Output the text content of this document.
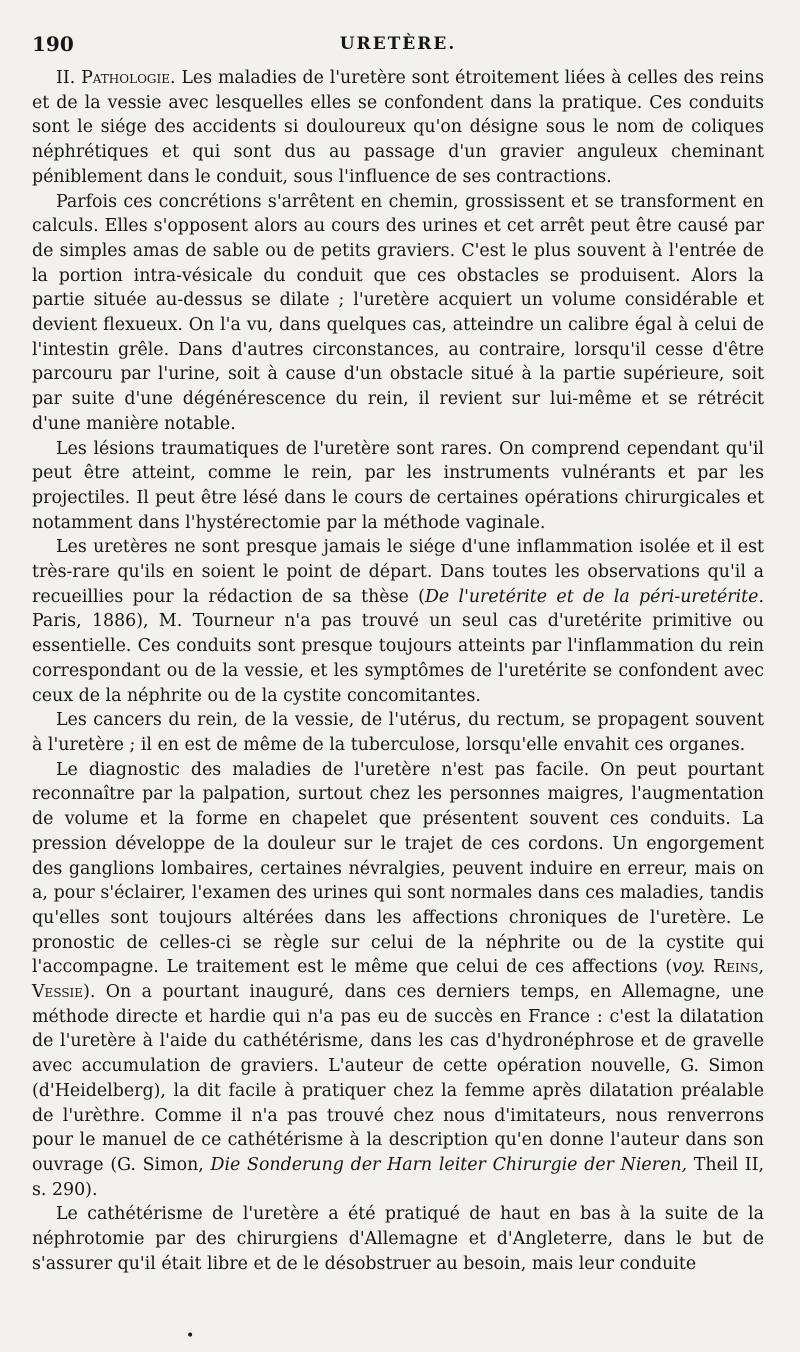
190	URETÈRE.

II. Pathologie. Les maladies de l'uretère sont étroitement liées à celles des reins et de la vessie avec lesquelles elles se confondent dans la pratique. Ces conduits sont le siége des accidents si douloureux qu'on désigne sous le nom de coliques néphrétiques et qui sont dus au passage d'un gravier anguleux cheminant péniblement dans le conduit, sous l'influence de ses contractions.

Parfois ces concrétions s'arrêtent en chemin, grossissent et se transforment en calculs. Elles s'opposent alors au cours des urines et cet arrêt peut être causé par de simples amas de sable ou de petits graviers. C'est le plus souvent à l'entrée de la portion intra-vésicale du conduit que ces obstacles se produisent. Alors la partie située au-dessus se dilate ; l'uretère acquiert un volume considérable et devient flexueux. On l'a vu, dans quelques cas, atteindre un calibre égal à celui de l'intestin grêle. Dans d'autres circonstances, au contraire, lorsqu'il cesse d'être parcouru par l'urine, soit à cause d'un obstacle situé à la partie supérieure, soit par suite d'une dégénérescence du rein, il revient sur lui-même et se rétrécit d'une manière notable.

Les lésions traumatiques de l'uretère sont rares. On comprend cependant qu'il peut être atteint, comme le rein, par les instruments vulnérants et par les projectiles. Il peut être lésé dans le cours de certaines opérations chirurgicales et notamment dans l'hystérectomie par la méthode vaginale.

Les uretères ne sont presque jamais le siége d'une inflammation isolée et il est très-rare qu'ils en soient le point de départ. Dans toutes les observations qu'il a recueillies pour la rédaction de sa thèse (De l'uretérite et de la péri-uretérite. Paris, 1886), M. Tourneur n'a pas trouvé un seul cas d'uretérite primitive ou essentielle. Ces conduits sont presque toujours atteints par l'inflammation du rein correspondant ou de la vessie, et les symptômes de l'uretérite se confondent avec ceux de la néphrite ou de la cystite concomitantes.

Les cancers du rein, de la vessie, de l'utérus, du rectum, se propagent souvent à l'uretère ; il en est de même de la tuberculose, lorsqu'elle envahit ces organes.

Le diagnostic des maladies de l'uretère n'est pas facile. On peut pourtant reconnaître par la palpation, surtout chez les personnes maigres, l'augmentation de volume et la forme en chapelet que présentent souvent ces conduits. La pression développe de la douleur sur le trajet de ces cordons. Un engorgement des ganglions lombaires, certaines névralgies, peuvent induire en erreur, mais on a, pour s'éclairer, l'examen des urines qui sont normales dans ces maladies, tandis qu'elles sont toujours altérées dans les affections chroniques de l'uretère. Le pronostic de celles-ci se règle sur celui de la néphrite ou de la cystite qui l'accompagne. Le traitement est le même que celui de ces affections (voy. Reins, Vessie). On a pourtant inauguré, dans ces derniers temps, en Allemagne, une méthode directe et hardie qui n'a pas eu de succès en France : c'est la dilatation de l'uretère à l'aide du cathétérisme, dans les cas d'hydronéphrose et de gravelle avec accumulation de graviers. L'auteur de cette opération nouvelle, G. Simon (d'Heidelberg), la dit facile à pratiquer chez la femme après dilatation préalable de l'urèthre. Comme il n'a pas trouvé chez nous d'imitateurs, nous renverrons pour le manuel de ce cathétérisme à la description qu'en donne l'auteur dans son ouvrage (G. Simon, Die Sonderung der Harn leiter Chirurgie der Nieren, Theil II, s. 290).

Le cathétérisme de l'uretère a été pratiqué de haut en bas à la suite de la néphrotomie par des chirurgiens d'Allemagne et d'Angleterre, dans le but de s'assurer qu'il était libre et de le désobstruer au besoin, mais leur conduite

•
